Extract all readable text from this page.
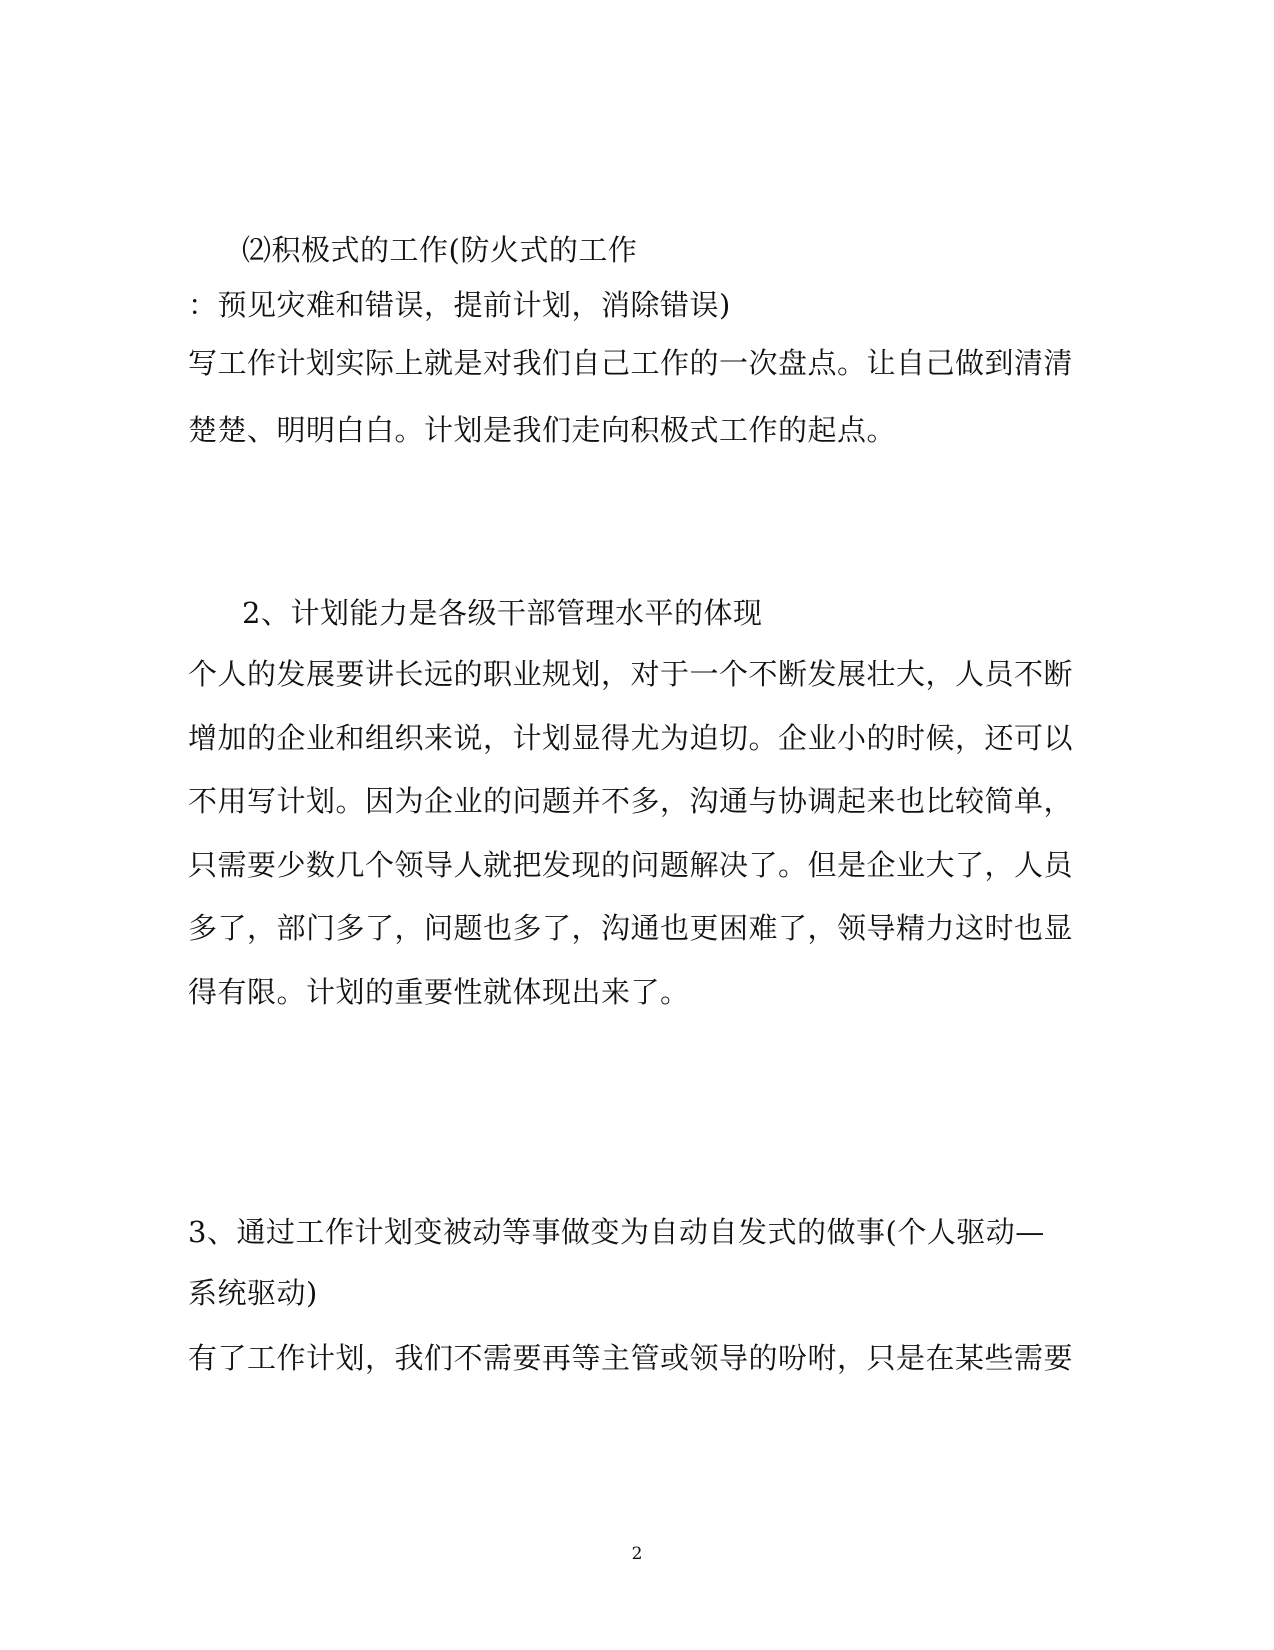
⑵积极式的工作(防火式的工作
：预见灾难和错误，提前计划，消除错误)
写工作计划实际上就是对我们自己工作的一次盘点。让自己做到清清
楚楚、明明白白。计划是我们走向积极式工作的起点。
2、计划能力是各级干部管理水平的体现
个人的发展要讲长远的职业规划，对于一个不断发展壮大，人员不断
增加的企业和组织来说，计划显得尤为迫切。企业小的时候，还可以
不用写计划。因为企业的问题并不多，沟通与协调起来也比较简单，
只需要少数几个领导人就把发现的问题解决了。但是企业大了，人员
多了，部门多了，问题也多了，沟通也更困难了，领导精力这时也显
得有限。计划的重要性就体现出来了。
3、通过工作计划变被动等事做变为自动自发式的做事(个人驱动—
系统驱动)
有了工作计划，我们不需要再等主管或领导的吩咐，只是在某些需要
2
